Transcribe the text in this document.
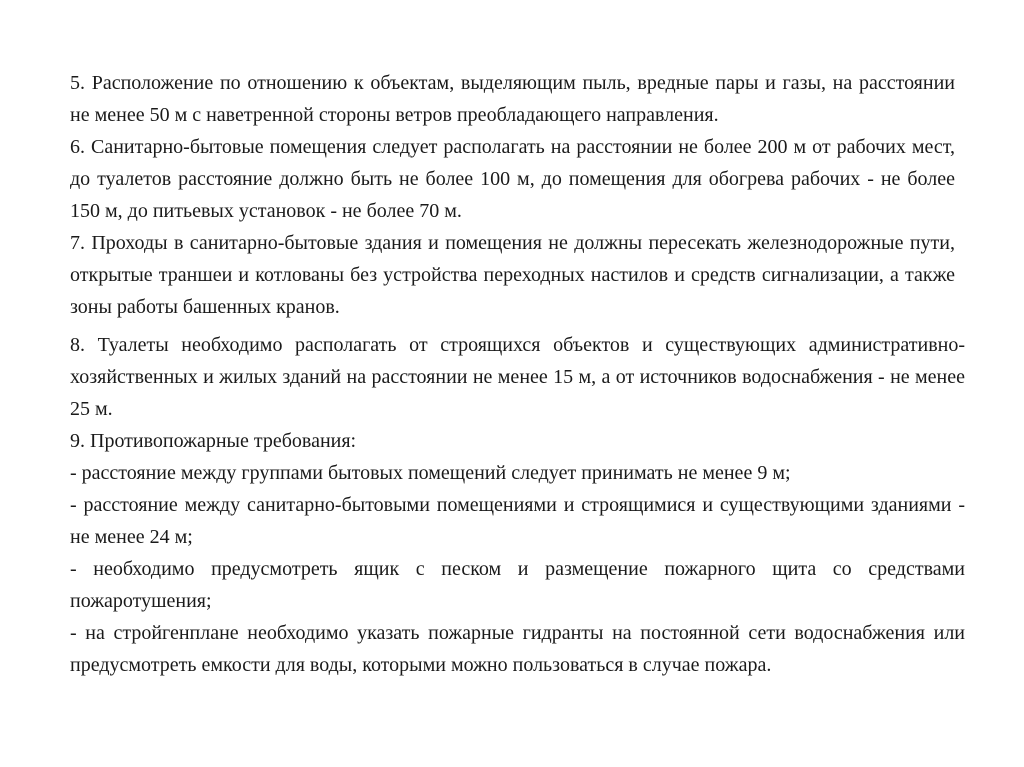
5. Расположение по отношению к объектам, выделяющим пыль, вредные пары и газы, на расстоянии не менее 50 м с наветренной стороны ветров преобладающего направления.

6. Санитарно-бытовые помещения следует располагать на расстоянии не более 200 м от рабочих мест, до туалетов расстояние должно быть не более 100 м, до помещения для обогрева рабочих - не более 150 м, до питьевых установок - не более 70 м.

7. Проходы в санитарно-бытовые здания и помещения не должны пересекать железнодорожные пути, открытые траншеи и котлованы без устройства переходных настилов и средств сигнализации, а также зоны работы башенных кранов.

8. Туалеты необходимо располагать от строящихся объектов и существующих административно-хозяйственных и жилых зданий на расстоянии не менее 15 м, а от источников водоснабжения - не менее 25 м.

9. Противопожарные требования:

- расстояние между группами бытовых помещений следует принимать не менее 9 м;

- расстояние между санитарно-бытовыми помещениями и строящимися и существующими зданиями - не менее 24 м;

- необходимо предусмотреть ящик с песком и размещение пожарного щита со средствами пожаротушения;

- на стройгенплане необходимо указать пожарные гидранты на постоянной сети водоснабжения или предусмотреть емкости для воды, которыми можно пользоваться в случае пожара.
